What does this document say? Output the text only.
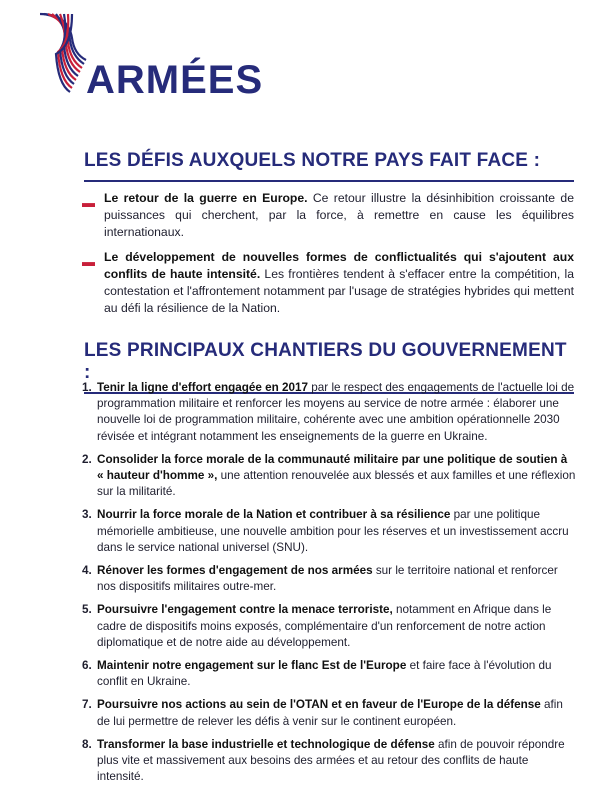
ARMÉES
LES DÉFIS AUXQUELS NOTRE PAYS FAIT FACE :
▬ Le retour de la guerre en Europe. Ce retour illustre la désinhibition croissante de puissances qui cherchent, par la force, à remettre en cause les équilibres internationaux.
▬ Le développement de nouvelles formes de conflictualités qui s'ajoutent aux conflits de haute intensité. Les frontières tendent à s'effacer entre la compétition, la contestation et l'affrontement notamment par l'usage de stratégies hybrides qui mettent au défi la résilience de la Nation.
LES PRINCIPAUX CHANTIERS DU GOUVERNEMENT :
1. Tenir la ligne d'effort engagée en 2017 par le respect des engagements de l'actuelle loi de programmation militaire et renforcer les moyens au service de notre armée : élaborer une nouvelle loi de programmation militaire, cohérente avec une ambition opérationnelle 2030 révisée et intégrant notamment les enseignements de la guerre en Ukraine.
2. Consolider la force morale de la communauté militaire par une politique de soutien à « hauteur d'homme », une attention renouvelée aux blessés et aux familles et une réflexion sur la militarité.
3. Nourrir la force morale de la Nation et contribuer à sa résilience par une politique mémorielle ambitieuse, une nouvelle ambition pour les réserves et un investissement accru dans le service national universel (SNU).
4. Rénover les formes d'engagement de nos armées sur le territoire national et renforcer nos dispositifs militaires outre-mer.
5. Poursuivre l'engagement contre la menace terroriste, notamment en Afrique dans le cadre de dispositifs moins exposés, complémentaire d'un renforcement de notre action diplomatique et de notre aide au développement.
6. Maintenir notre engagement sur le flanc Est de l'Europe et faire face à l'évolution du conflit en Ukraine.
7. Poursuivre nos actions au sein de l'OTAN et en faveur de l'Europe de la défense afin de lui permettre de relever les défis à venir sur le continent européen.
8. Transformer la base industrielle et technologique de défense afin de pouvoir répondre plus vite et massivement aux besoins des armées et au retour des conflits de haute intensité.
